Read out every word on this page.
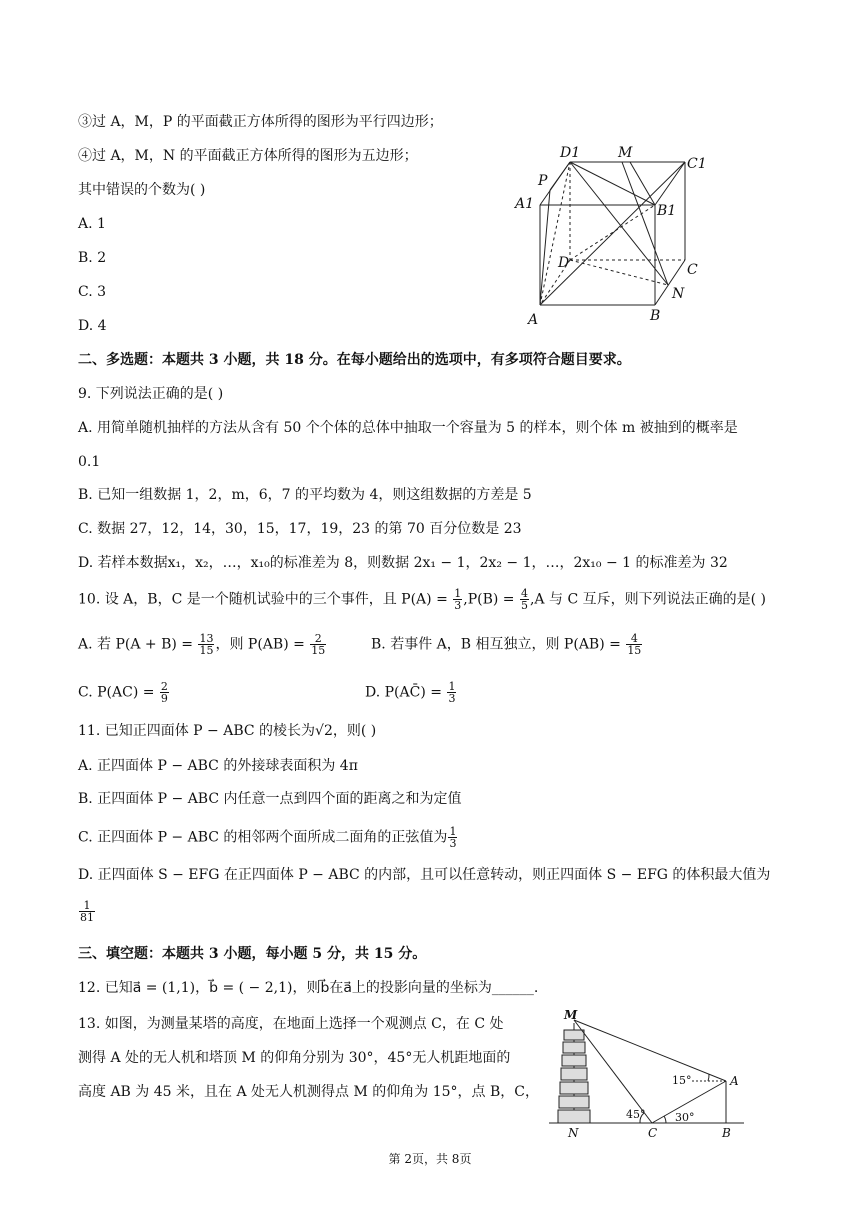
③过 A，M，P 的平面截正方体所得的图形为平行四边形；
④过 A，M，N 的平面截正方体所得的图形为五边形；
其中错误的个数为( )
A. 1
B. 2
C. 3
D. 4
D1	M
C1
P
A1	B1
D	C
N
A	B
二、多选题：本题共 3 小题，共 18 分。在每小题给出的选项中，有多项符合题目要求。
9. 下列说法正确的是( )
A. 用简单随机抽样的方法从含有 50 个个体的总体中抽取一个容量为 5 的样本，则个体 m 被抽到的概率是
0.1
B. 已知一组数据 1，2，m，6，7 的平均数为 4，则这组数据的方差是 5
C. 数据 27，12，14，30，15，17，19，23 的第 70 百分位数是 23
D. 若样本数据x₁，x₂，…，x₁₀的标准差为 8，则数据 2x₁ − 1，2x₂ − 1，…，2x₁₀ − 1 的标准差为 32
10. 设 A，B，C 是一个随机试验中的三个事件，且 $P(A) = \frac{1}{3} ,P(B) = \frac{4}{5} ,A$ 与 C 互斥，则下列说法正确的是( )
A. 若 $P(A + B) = \frac{13}{15}$ ，则 $P(AB) = \frac{2}{15}$	B. 若事件 A，B 相互独立，则 $P(AB) = \frac{4}{15}$
C. $P(AC) = \frac{2}{9}$	D. P(AC̄) = $\frac{1}{3}$
11. 已知正四面体 P − ABC 的棱长为√2，则( )
A. 正四面体 P − ABC 的外接球表面积为 4π
B. 正四面体 P − ABC 内任意一点到四个面的距离之和为定值
C. 正四面体 P − ABC 的相邻两个面所成二面角的正弦值为 $\frac{1}{3}$
D. 正四面体 S − EFG 在正四面体 P − ABC 的内部，且可以任意转动，则正四面体 S − EFG 的体积最大值为
$\frac{1}{81}$
三、填空题：本题共 3 小题，每小题 5 分，共 15 分。
12. 已知a⃗ = (1,1)，b⃗ = ( − 2,1)，则b⃗在a⃗上的投影向量的坐标为______.
13. 如图，为测量某塔的高度，在地面上选择一个观测点 C，在 C 处
测得 A 处的无人机和塔顶 M 的仰角分别为 30°，45°无人机距地面的
高度 AB 为 45 米，且在 A 处无人机测得点 M 的仰角为 15°，点 B，C，
M
A
15°
45°	30°
N	C	B
第 2页，共 8页
